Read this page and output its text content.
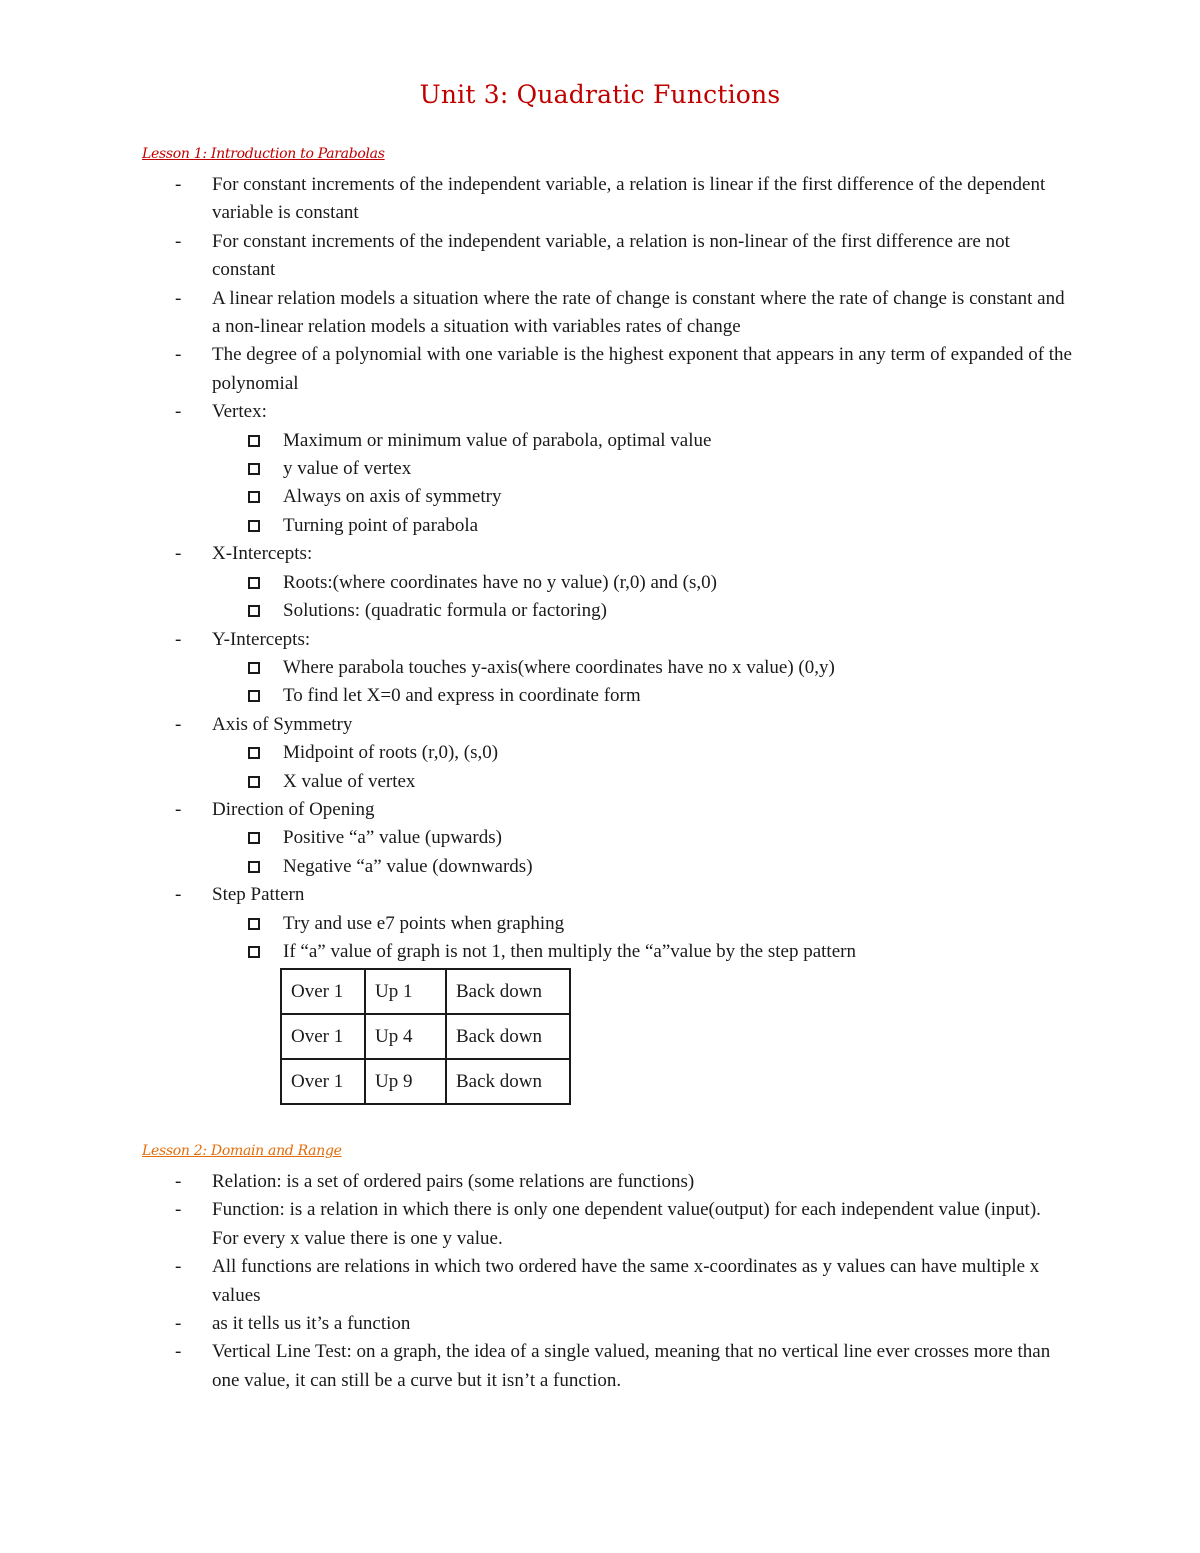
Unit 3: Quadratic Functions
Lesson 1: Introduction to Parabolas
- For constant increments of the independent variable, a relation is linear if the first difference of the dependent variable is constant
- For constant increments of the independent variable, a relation is non-linear of the first difference are not constant
- A linear relation models a situation where the rate of change is constant where the rate of change is constant and a non-linear relation models a situation with variables rates of change
- The degree of a polynomial with one variable is the highest exponent that appears in any term of expanded of the polynomial
- Vertex:
Maximum or minimum value of parabola, optimal value
y value of vertex
Always on axis of symmetry
Turning point of parabola
- X-Intercepts:
Roots:(where coordinates have no y value) (r,0) and (s,0)
Solutions: (quadratic formula or factoring)
- Y-Intercepts:
Where parabola touches y-axis(where coordinates have no x value) (0,y)
To find let X=0 and express in coordinate form
- Axis of Symmetry
Midpoint of roots (r,0), (s,0)
X value of vertex
- Direction of Opening
Positive “a” value (upwards)
Negative “a” value (downwards)
- Step Pattern
Try and use e7 points when graphing
If “a” value of graph is not 1, then multiply the “a”value by the step pattern
Over 1	Up 1	Back down
Over 1	Up 4	Back down
Over 1	Up 9	Back down
Lesson 2: Domain and Range
- Relation: is a set of ordered pairs (some relations are functions)
- Function: is a relation in which there is only one dependent value(output) for each independent value (input). For every x value there is one y value.
- All functions are relations in which two ordered have the same x-coordinates as y values can have multiple x values
- as it tells us it’s a function
- Vertical Line Test: on a graph, the idea of a single valued, meaning that no vertical line ever crosses more than one value, it can still be a curve but it isn’t a function.
